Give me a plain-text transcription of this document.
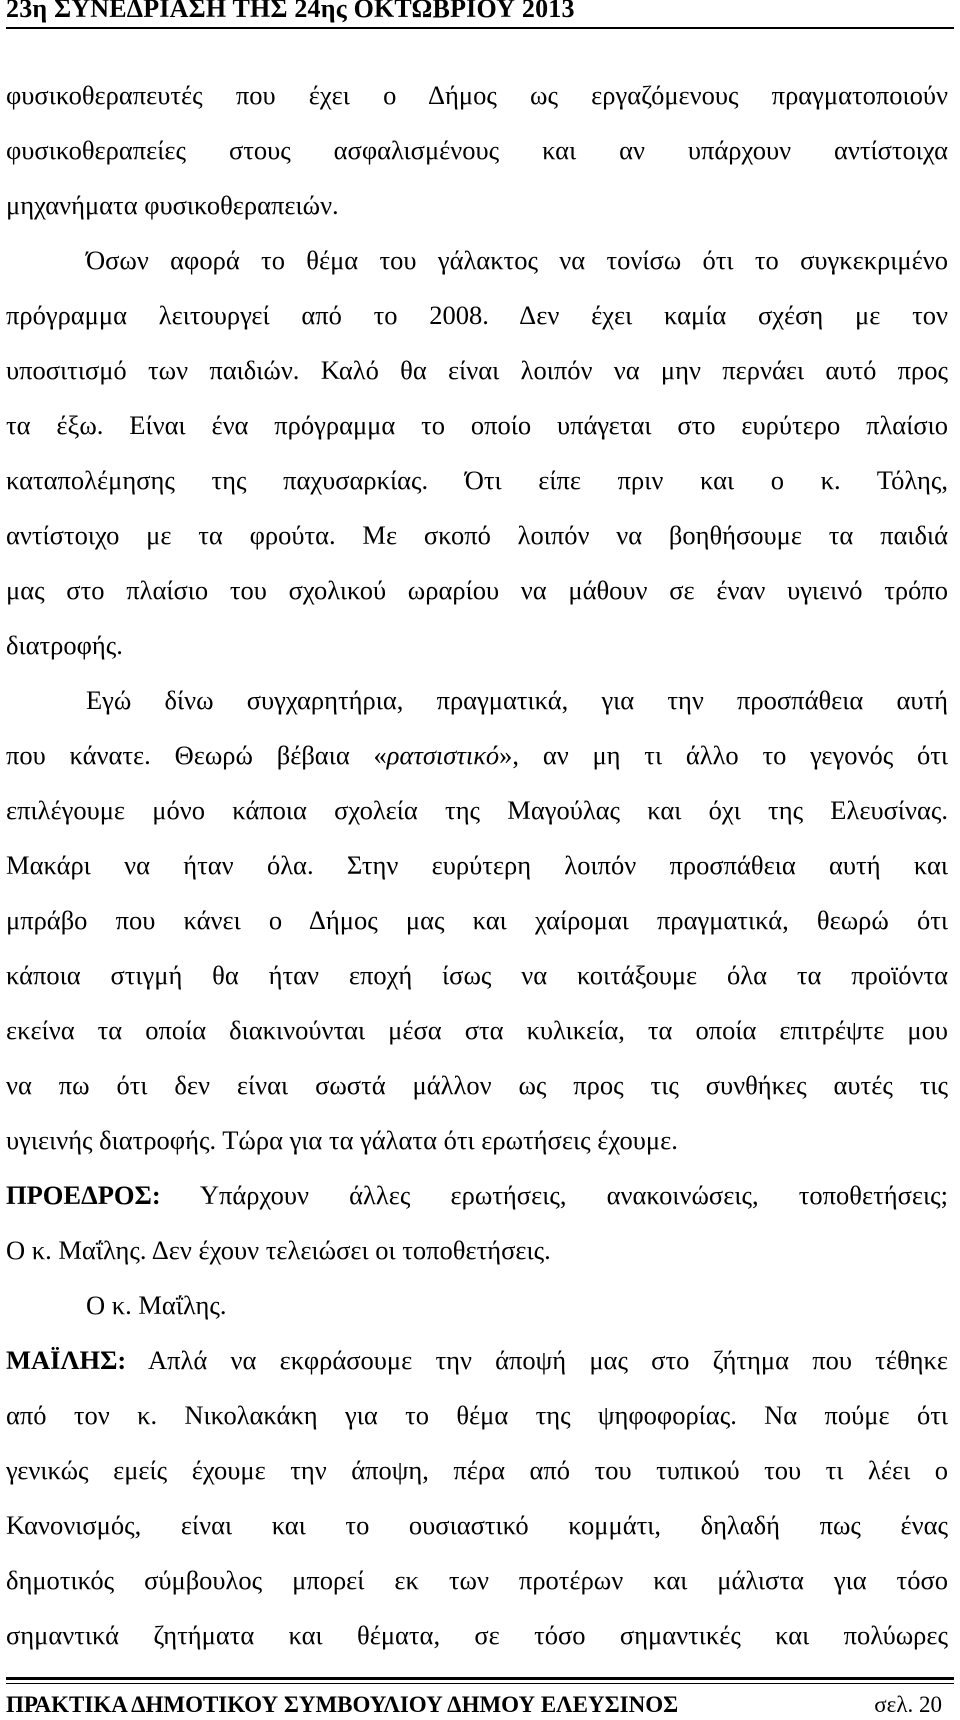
23η ΣΥΝΕΔΡΙΑΣΗ ΤΗΣ 24ης ΟΚΤΩΒΡΙΟΥ 2013
φυσικοθεραπευτές που έχει ο Δήμος ως εργαζόμενους πραγματοποιούν
φυσικοθεραπείες στους ασφαλισμένους και αν υπάρχουν αντίστοιχα
μηχανήματα φυσικοθεραπειών.
Όσων αφορά το θέμα του γάλακτος να τονίσω ότι το συγκεκριμένο
πρόγραμμα λειτουργεί από το 2008. Δεν έχει καμία σχέση με τον
υποσιτισμό των παιδιών. Καλό θα είναι λοιπόν να μην περνάει αυτό προς
τα έξω. Είναι ένα πρόγραμμα το οποίο υπάγεται στο ευρύτερο πλαίσιο
καταπολέμησης της παχυσαρκίας. Ότι είπε πριν και ο κ. Τόλης,
αντίστοιχο με τα φρούτα. Με σκοπό λοιπόν να βοηθήσουμε τα παιδιά
μας στο πλαίσιο του σχολικού ωραρίου να μάθουν σε έναν υγιεινό τρόπο
διατροφής.
Εγώ δίνω συγχαρητήρια, πραγματικά, για την προσπάθεια αυτή
που κάνατε. Θεωρώ βέβαια «ρατσιστικό», αν μη τι άλλο το γεγονός ότι
επιλέγουμε μόνο κάποια σχολεία της Μαγούλας και όχι της Ελευσίνας.
Μακάρι να ήταν όλα. Στην ευρύτερη λοιπόν προσπάθεια αυτή και
μπράβο που κάνει ο Δήμος μας και χαίρομαι πραγματικά, θεωρώ ότι
κάποια στιγμή θα ήταν εποχή ίσως να κοιτάξουμε όλα τα προϊόντα
εκείνα τα οποία διακινούνται μέσα στα κυλικεία, τα οποία επιτρέψτε μου
να πω ότι δεν είναι σωστά μάλλον ως προς τις συνθήκες αυτές τις
υγιεινής διατροφής. Τώρα για τα γάλατα ότι ερωτήσεις έχουμε.
ΠΡΟΕΔΡΟΣ: Υπάρχουν άλλες ερωτήσεις, ανακοινώσεις, τοποθετήσεις;
Ο κ. Μαΐλης. Δεν έχουν τελειώσει οι τοποθετήσεις.
Ο κ. Μαΐλης.
ΜΑΪΛΗΣ: Απλά να εκφράσουμε την άποψή μας στο ζήτημα που τέθηκε
από τον κ. Νικολακάκη για το θέμα της ψηφοφορίας. Να πούμε ότι
γενικώς εμείς έχουμε την άποψη, πέρα από του τυπικού του τι λέει ο
Κανονισμός, είναι και το ουσιαστικό κομμάτι, δηλαδή πως ένας
δημοτικός σύμβουλος μπορεί εκ των προτέρων και μάλιστα για τόσο
σημαντικά ζητήματα και θέματα, σε τόσο σημαντικές και πολύωρες
ΠΡΑΚΤΙΚΑ ΔΗΜΟΤΙΚΟΥ ΣΥΜΒΟΥΛΙΟΥ ΔΗΜΟΥ ΕΛΕΥΣΙΝΟΣ	σελ. 20
